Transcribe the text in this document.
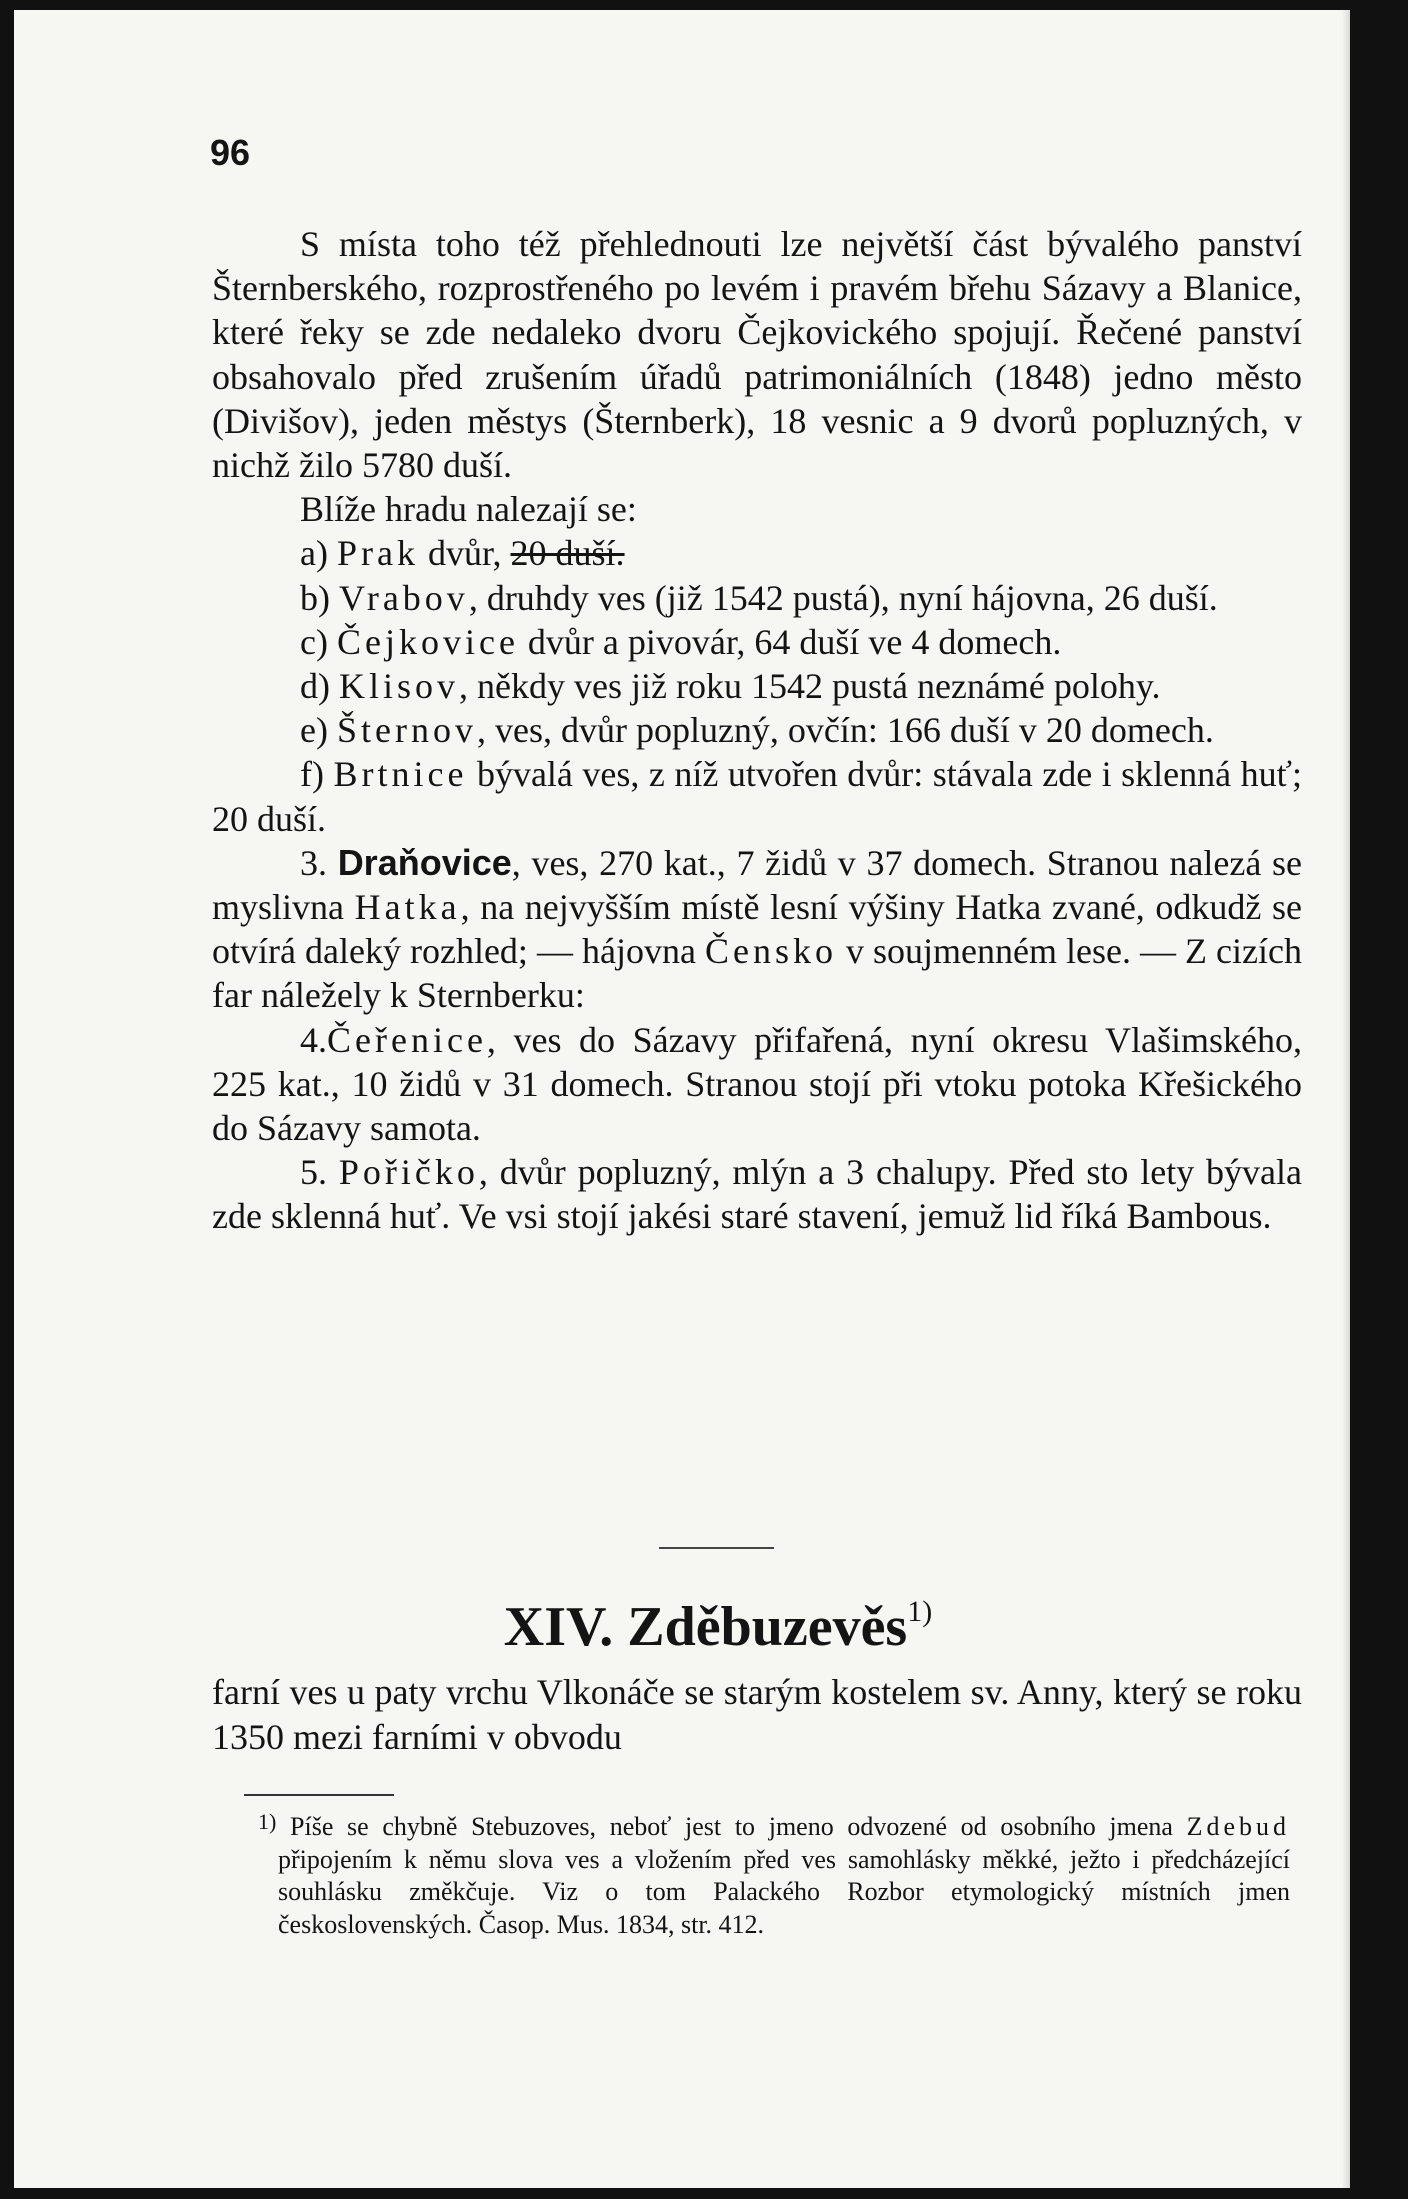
96

S místa toho též přehlednouti lze největší část bývalého panství Šternberského, rozprostřeného po levém i pravém břehu Sázavy a Blanice, které řeky se zde nedaleko dvoru Čejkovického spojují. Řečené panství obsahovalo před zrušením úřadů patrimoniálních (1848) jedno město (Divišov), jeden městys (Šternberk), 18 vesnic a 9 dvorů popluzných, v nichž žilo 5780 duší.

Blíže hradu nalezají se:

a) Prak dvůr, 20 duší.

b) Vrabov, druhdy ves (již 1542 pustá), nyní hájovna, 26 duší.

c) Čejkovice dvůr a pivovár, 64 duší ve 4 domech.

d) Klisov, někdy ves již roku 1542 pustá neznámé polohy.

e) Šternov, ves, dvůr popluzný, ovčín: 166 duší v 20 domech.

f) Brtnice bývalá ves, z níž utvořen dvůr: stávala zde i sklenná huť; 20 duší.

3. Draňovice, ves, 270 kat., 7 židů v 37 domech. Stranou nalezá se myslivna Hatka, na nejvyšším místě lesní výšiny Hatka zvané, odkudž se otvírá daleký rozhled; — hájovna Čensko v soujmenném lese. — Z cizích far náležely k Sternberku:

4.Čeřenice, ves do Sázavy přifařená, nyní okresu Vlašimského, 225 kat., 10 židů v 31 domech. Stranou stojí při vtoku potoka Křešického do Sázavy samota.

5. Pořičko, dvůr popluzný, mlýn a 3 chalupy. Před sto lety bývala zde sklenná huť. Ve vsi stojí jakési staré stavení, jemuž lid říká Bambous.

XIV. Zděbuzevěs$^{1)}$

farní ves u paty vrchu Vlkonáče se starým kostelem sv. Anny, který se roku 1350 mezi farními v obvodu

$^{1)}$ Píše se chybně Stebuzoves, neboť jest to jmeno odvozené od osobního jmena Zdebud připojením k němu slova ves a vložením před ves samohlásky měkké, ježto i předcházející souhlásku změkčuje. Viz o tom Palackého Rozbor etymologický místních jmen československých. Časop. Mus. 1834, str. 412.
